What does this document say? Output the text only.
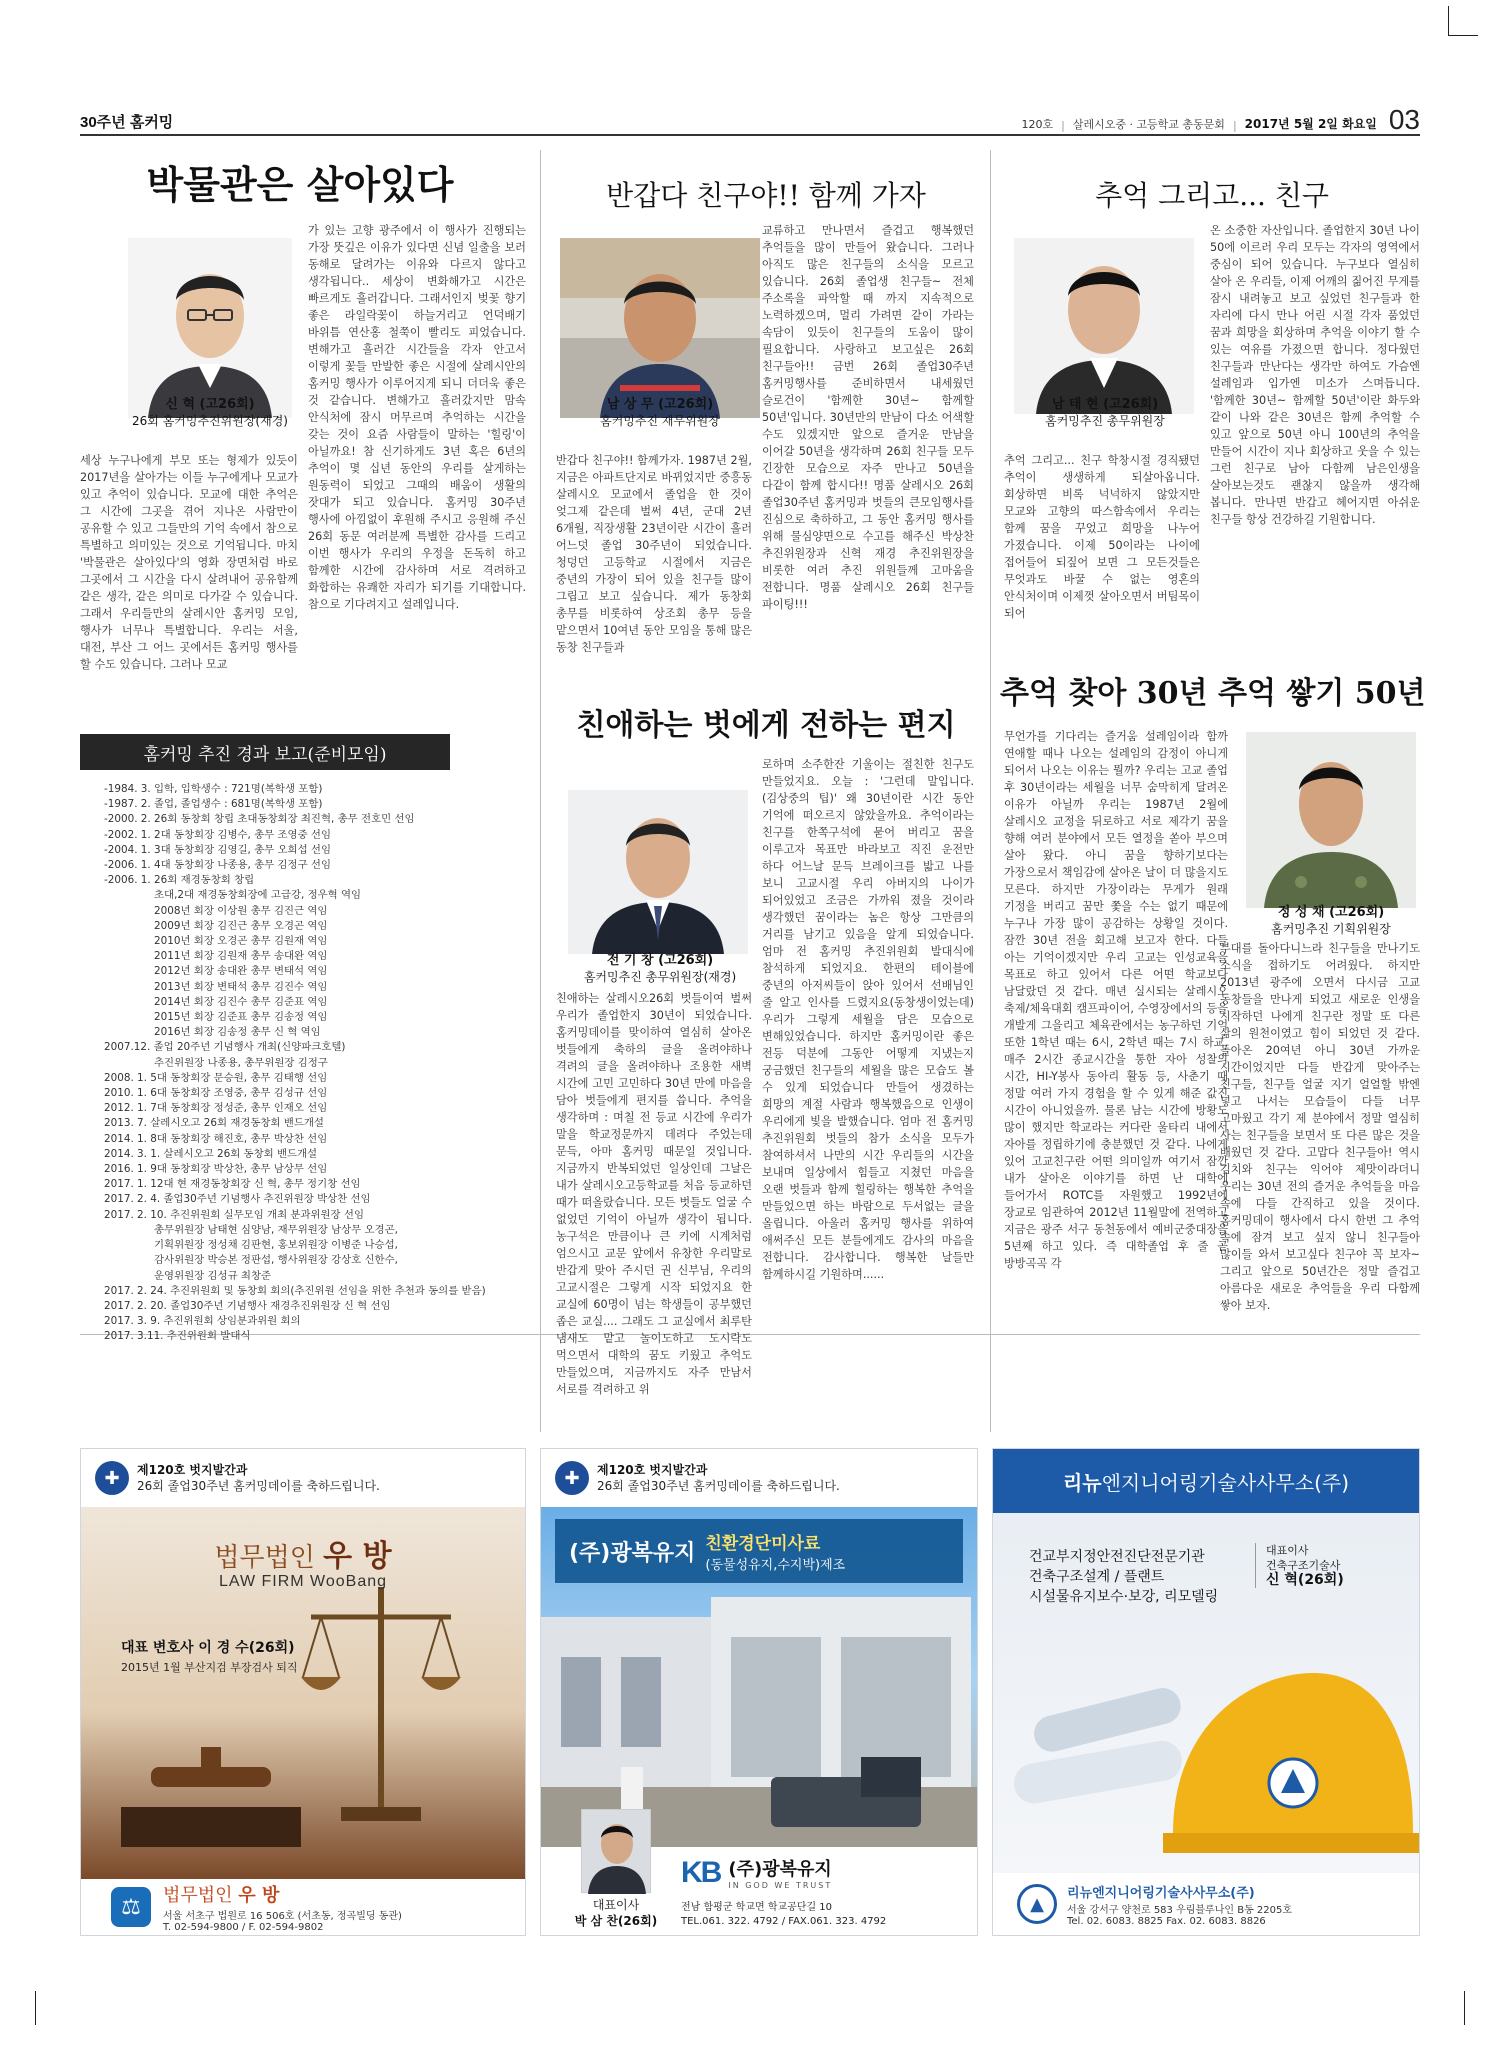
30주년 홈커밍	120호 | 살레시오중 · 고등학교 총동문회 | 2017년 5월 2일 화요일 03
박물관은 살아있다
신 혁 (고26회)
26회 홈커밍추진위원장(재경)
세상 누구나에게 부모 또는 형제가 있듯이 2017년을 살아가는 이들 누구에게나 모교가 있고 추억이 있습니다. 모교에 대한 추억은 그 시간에 그곳을 겪어 지나온 사람만이 공유할 수 있고 그들만의 기억 속에서 참으로 특별하고 의미있는 것으로 기억됩니다. 마치 '박물관은 살아있다'의 영화 장면처럼 바로 그곳에서 그 시간을 다시 살려내어 공유함께 같은 생각, 같은 의미로 다가갈 수 있습니다. 그래서 우리들만의 살레시안 홈커밍 모임, 행사가 너무나 특별합니다. 우리는 서울, 대전, 부산 그 어느 곳에서든 홈커밍 행사를 할 수도 있습니다. 그러나 모교
가 있는 고향 광주에서 이 행사가 진행되는 가장 뚯깊은 이유가 있다면 신념 일출을 보러 동해로 달려가는 이유와 다르지 않다고 생각됩니다.. 세상이 변화해가고 시간은 빠르게도 흘러갑니다. 그래서인지 벚꽃 향기 좋은 라일락꽃이 하늘거리고 언덕배기 바위틈 연산홍 철쭉이 빨리도 피었습니다. 변해가고 흘러간 시간들을 각자 안고서 이렇게 꽃들 만발한 좋은 시절에 살레시안의 홈커밍 행사가 이루어지게 되니 더더욱 좋은 것 같습니다. 변해가고 흘러갔지만 맘속 안식처에 잠시 머무르며 추억하는 시간을 갖는 것이 요즘 사람들이 말하는 '힐링'이 아닐까요! 참 신기하게도 3년 혹은 6년의 추억이 몇 십년 동안의 우리를 살게하는 원동력이 되었고 그때의 배움이 생활의 잣대가 되고 있습니다. 홈커밍 30주년 행사에 아낌없이 후원해 주시고 응원해 주신 26회 동문 여러분께 특별한 감사를 드리고 이번 행사가 우리의 우정을 돈독히 하고 함께한 시간에 감사하며 서로 격려하고 화합하는 유쾌한 자리가 되기를 기대합니다. 참으로 기다려지고 설레입니다.
홈커밍 추진 경과 보고(준비모임)
-1984. 3. 입학, 입학생수 : 721명(복학생 포함)
-1987. 2. 졸업, 졸업생수 : 681명(복학생 포함)
-2000. 2. 26회 동창회 창립 초대동창회장 최진혁, 총무 전호민 선임
-2002. 1. 2대 동창회장 김병수, 총무 조영중 선임
-2004. 1. 3대 동창회장 김영길, 총무 오희섭 선임
-2006. 1. 4대 동창회장 나종용, 총무 김정구 선임
-2006. 1. 26회 재경동창회 창립
초대,2대 재경동창회장에 고급강, 정우혁 역임
2008년 회장 이상원 총무 김진근 역임
2009년 회장 김진근 총무 오경곤 역임
2010년 회장 오경곤 총무 김원재 역임
2011년 회장 김원재 총무 송대완 역임
2012년 회장 송대완 총무 변태석 역임
2013년 회장 변태석 총무 김진수 역임
2014년 회장 김진수 총무 김준표 역임
2015년 회장 김준표 총무 김송정 역임
2016년 회장 김송정 총무 신 혁 역임
2007.12. 졸업 20주년 기념행사 개최(신양파크호텔)
추진위원장 나종용, 총무위원장 김정구
2008. 1. 5대 동창회장 문승원, 총무 김태행 선임
2010. 1. 6대 동창회장 조영중, 총무 김성규 선임
2012. 1. 7대 동창회장 정성준, 총무 인재오 선임
2013. 7. 살레시오고 26회 재경동창회 밴드개설
2014. 1. 8대 동창회장 해진호, 총무 박상찬 선임
2014. 3. 1. 살레시오고 26회 동창회 밴드개설
2016. 1. 9대 동창회장 박상찬, 총무 남상무 선임
2017. 1. 12대 현 재경동창회장 신 혁, 총무 정기창 선임
2017. 2. 4. 졸업30주년 기념행사 추진위원장 박상찬 선임
2017. 2. 10. 추진위원회 실무모임 개최 분과위원장 선임
총무위원장 남태현 심양남, 재무위원장 남상무 오경곤,
기획위원장 정성채 김판현, 홍보위원장 이병준 나승섭,
감사위원장 박승본 정판섭, 행사위원장 강상호 신한수,
운영위원장 김성규 최창준
2017. 2. 24. 추진위원회 및 동창회 회의(추진위원 선임을 위한 추천과 동의를 받음)
2017. 2. 20. 졸업30주년 기념행사 재경추진위원장 신 혁 선임
2017. 3. 9. 추진위원회 상임분과위원 회의
2017. 3.11. 추진위원회 발대식
반갑다 친구야!! 함께 가자
남 상 무 (고26회)
홈커밍추진 재무위원장
반갑다 친구야!! 함께가자. 1987년 2월, 지금은 아파트단지로 바뀌었지만 중흥동 살레시오 모교에서 졸업을 한 것이 엊그제 같은데 벌써 4년, 군대 2년 6개월, 직장생활 23년이란 시간이 흘러 어느덧 졸업 30주년이 되었습니다. 청덩던 고등학교 시절에서 지금은 중년의 가장이 되어 있을 친구들 많이 그립고 보고 싶습니다. 제가 동창회 총무를 비롯하여 상조회 총무 등을 맡으면서 10여년 동안 모임을 통해 많은 동창 친구들과
교류하고 만나면서 즐겁고 행복했던 추억들을 많이 만들어 왔습니다. 그러나 아직도 많은 친구들의 소식을 모르고 있습니다. 26회 졸업생 친구들~ 전체 주소록을 파악할 때 까지 지속적으로 노력하겠으며, 멀리 가려면 같이 가라는 속담이 있듯이 친구들의 도움이 많이 필요합니다. 사랑하고 보고싶은 26회 친구들아!! 금번 26회 졸업30주년 홈커밍행사를 준비하면서 내세웠던 슬로건이 '함께한 30년~ 함께할 50년'입니다. 30년만의 만남이 다소 어색할 수도 있겠지만 앞으로 즐거운 만남을 이어갈 50년을 생각하며 26회 친구들 모두 긴장한 모습으로 자주 만나고 50년을 다같이 함께 합시다!! 명품 살레시오 26회 졸업30주년 홈커밍과 벗들의 큰모임행사를 진심으로 축하하고, 그 동안 홈커밍 행사를 위해 물심양면으로 수고를 해주신 박상찬 추진위원장과 신혁 재경 추진위원장을 비롯한 여러 추진 위원들께 고마움을 전합니다. 명품 살레시오 26회 친구들 파이팅!!!
친애하는 벗에게 전하는 편지
전 기 창 (고26회)
홈커밍추진 총무위원장(재경)
친애하는 살레시오26회 벗들이여 벌써 우리가 졸업한지 30년이 되었습니다. 홈커밍데이를 맞이하여 열심히 살아온 벗들에게 축하의 글을 올려야하나 격려의 글을 올려야하나 조용한 새벽 시간에 고민 고민하다 30년 만에 마음을 담아 벗들에게 편지를 씁니다. 추억을 생각하며 : 며칠 전 등교 시간에 우리가 말을 학교정문까지 데려다 주었는데 문득, 아마 홈커밍 때문일 것입니다. 지금까지 반복되었던 일상인데 그날은 내가 살레시오고등학교를 처음 등교하던 때가 떠올랐습니다. 모든 벗들도 얼굴 수 없었던 기억이 아닐까 생각이 됩니다. 농구석은 만큼이나 큰 키에 시계처럼 엄으시고 교문 앞에서 유창한 우리말로 반갑게 맞아 주시던 권 신부님, 우리의 고교시절은 그렇게 시작 되었지요 한 교실에 60명이 넘는 학생들이 공부했던 좁은 교실.... 그래도 그 교실에서 최루탄 냄새도 맡고 놀이도하고 도시락도 먹으면서 대학의 꿈도 키웠고 추억도 만들었으며, 지금까지도 자주 만남서 서로를 격려하고 위
로하며 소주한잔 기울이는 절친한 친구도 만들었지요. 오늘 : '그런데 말입니다.(김상중의 팁)' 왜 30년이란 시간 동안 기억에 떠오르지 않았을까요. 추억이라는 친구를 한쪽구석에 묻어 버리고 꿈을 이루고자 목표만 바라보고 직진 운전만 하다 어느날 문득 브레이크를 밟고 나를 보니 고교시절 우리 아버지의 나이가 되어있었고 조금은 가까워 졌을 것이라 생각했던 꿈이라는 놈은 항상 그만큼의 거리를 남기고 있음을 알게 되었습니다. 엄마 전 홈커밍 추진위원회 발대식에 참석하게 되었지요. 한편의 테이블에 중년의 아저씨들이 앉아 있어서 선배님인 줄 알고 인사를 드렸지요(동창생이었는데) 우리가 그렇게 세월을 담은 모습으로 변해있었습니다. 하지만 홈커밍이란 좋은 전등 덕분에 그동안 어떻게 지냈는지 궁금했던 친구들의 세월을 많은 모습도 볼 수 있게 되었습니다 만들어 생겼하는 희망의 계절 사람과 행복했음으로 인생이 우리에게 빛을 발했습니다. 엄마 전 홈커밍 추진위원회 벗들의 참가 소식을 모두가 참여하셔서 나만의 시간 우리들의 시간을 보내며 일상에서 힘들고 지쳤던 마음을 오랜 벗들과 함께 힐링하는 행복한 추억을 만들었으면 하는 바람으로 두서없는 글을 올립니다. 아울러 홈커밍 행사를 위하여 애써주신 모든 분들에게도 감사의 마음을 전합니다. 감사합니다. 행복한 날들만 함께하시길 기원하며......
추억 그리고... 친구
남 태 현 (고26회)
홈커밍추진 총무위원장
추억 그리고... 친구 학창시절 경직됐던 추억이 생생하게 되살아옵니다. 회상하면 비록 넉넉하지 않았지만 모교와 고향의 따스함속에서 우리는 함께 꿈을 꾸었고 희망을 나누어 가졌습니다. 이제 50이라는 나이에 접어들어 되짚어 보면 그 모든것들은 무엇과도 바꿀 수 없는 영혼의 안식처이며 이제껏 살아오면서 버팀목이 되어
온 소중한 자산입니다. 졸업한지 30년 나이 50에 이르러 우리 모두는 각자의 영역에서 중심이 되어 있습니다. 누구보다 열심히 살아 온 우리들, 이제 어깨의 짊어진 무게를 잠시 내려놓고 보고 싶었던 친구들과 한 자리에 다시 만나 어린 시절 각자 품었던 꿈과 희망을 회상하며 추억을 이야기 할 수 있는 여유를 가졌으면 합니다. 정다웠던 친구들과 만난다는 생각만 하여도 가슴엔 설레임과 입가엔 미소가 스며듭니다. '함께한 30년~ 함께할 50년'이란 화두와 같이 나와 같은 30년은 함께 추억할 수 있고 앞으로 50년 아니 100년의 추억을 만들어 시간이 지나 회상하고 웃을 수 있는 그런 친구로 남아 다함께 남은인생을 살아보는것도 괜찮지 않을까 생각해 봅니다. 만나면 반갑고 헤어지면 아쉬운 친구들 항상 건강하길 기원합니다.
추억 찾아 30년 추억 쌓기 50년
정 성 채 (고26회)
홈커밍추진 기획위원장
무언가를 기다리는 즐거움 설레임이라 함까 연애할 때나 나오는 설레임의 감정이 아니게 되어서 나오는 이유는 뭘까? 우리는 고교 졸업 후 30년이라는 세월을 너무 숨막히게 달려온 이유가 아닐까 우리는 1987년 2월에 살레시오 교정을 뒤로하고 서로 제각기 꿈을 향해 여러 분야에서 모든 열정을 쏟아 부으며 살아 왔다. 아니 꿈을 향하기보다는 가장으로서 책임감에 살아온 날이 더 많을지도 모른다. 하지만 가장이라는 무게가 원래 기정을 버리고 꿈만 쫓을 수는 없기 때문에 누구나 가장 많이 공감하는 상황일 것이다. 잠깐 30년 전을 회고해 보고자 한다. 다들 아는 기억이겠지만 우리 고교는 인성교육을 목표로 하고 있어서 다른 어떤 학교보다 남달랐던 것 같다. 매년 실시되는 살레시오 축제/체육대회 캠프파이어, 수영장에서의 등을 개발게 그을리고 체육관에서는 농구하던 기억 또한 1학년 때는 6시, 2학년 때는 7시 하교, 매주 2시간 종교시간을 통한 자아 성찰의 시간, HI-Y봉사 동아리 활동 등, 사춘기 때 정말 여러 가지 경험을 할 수 있게 해준 값진 시간이 아니었을까. 물론 남는 시간에 방황도 많이 했지만 학교라는 커다란 울타리 내에서 자아를 정립하기에 충분했던 것 같다. 나에게 있어 고교친구란 어떤 의미일까 여기서 잠깐 내가 살아온 이야기를 하면 난 대학에 들어가서 ROTC를 자원했고 1992년에 장교로 임관하여 2012년 11월말에 전역하고 지금은 광주 서구 동천동에서 예비군중대장을 5년째 하고 있다. 즉 대학졸업 후 줄 곧 방방곡곡 각
부대를 돌아다니느라 친구들을 만나기도 소식을 접하기도 어려웠다. 하지만 2013년 광주에 오면서 다시금 고교 동창들을 만나게 되었고 새로운 인생을 시작하던 나에게 친구란 정말 또 다른 삶의 원천이였고 힘이 되었던 것 같다. 돌아온 20여년 아니 30년 가까운 시간이었지만 다들 반갑게 맞아주는 친구들, 친구들 얼굴 지기 얼얼할 밖엔 넣고 나서는 모습들이 다들 너무 고마웠고 각기 제 분야에서 정말 열심히 사는 친구들을 보면서 또 다른 많은 것을 배웠던 것 같다. 고맙다 친구들아! 역시 김치와 친구는 익어야 제맛이라더니 우리는 30년 전의 즐거운 추억들을 마음 속에 다들 간직하고 있을 것이다. 홈커밍데이 행사에서 다시 한번 그 추억 속에 잠겨 보고 싶지 않니 친구들아 많이들 와서 보고싶다 친구야 꼭 보자~ 그리고 앞으로 50년간은 정말 즐겁고 아름다운 새로운 추억들을 우리 다함께 쌓아 보자.
✚	제120호 벗지발간과
26회 졸업30주년 홈커밍데이를 축하드립니다.
법무법인 우 방
LAW FIRM WooBang
대표 변호사 이 경 수(26회)
2015년 1월 부산지검 부장검사 퇴직
⚖	법무법인 우 방
서울 서초구 법원로 16 506호 (서초동, 정곡빌딩 동관)
T. 02-594-9800 / F. 02-594-9802
✚	제120호 벗지발간과
26회 졸업30주년 홈커밍데이를 축하드립니다.
(주)광복유지 친환경단미사료
(동물성유지,수지박)제조
대표이사
박 삼 찬(26회)
KB (주)광복유지
IN GOD WE TRUST
전남 함평군 학교면 학교공단길 10
TEL.061. 322. 4792 / FAX.061. 323. 4792
리뉴 엔지니어링기술사사무소(주)
건교부지정안전진단전문기관
건축구조설계 / 플랜트
시설물유지보수·보강, 리모델링
대표이사
건축구조기술사
신 혁(26회)
▲
리뉴엔지니어링기술사사무소(주)
서울 강서구 양천로 583 우림블루나인 B동 2205호
Tel. 02. 6083. 8825 Fax. 02. 6083. 8826
